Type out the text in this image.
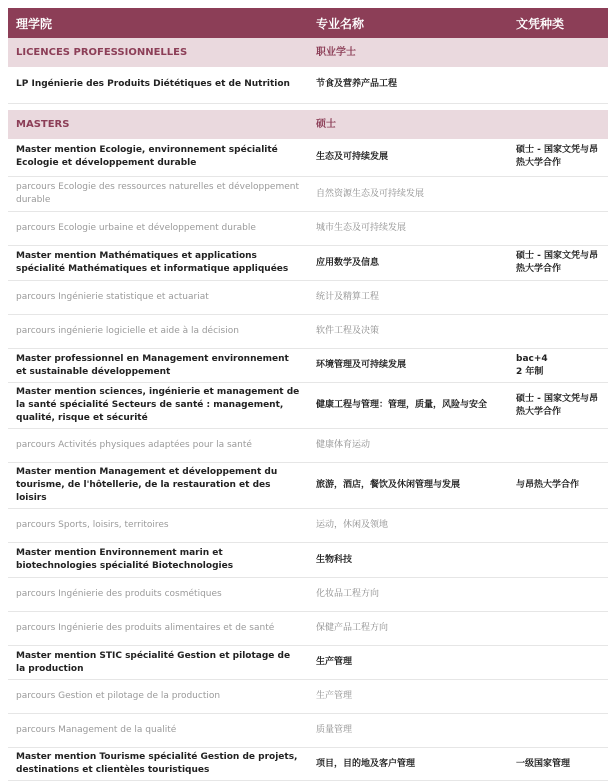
理学院	专业名称	文凭种类
LICENCES PROFESSIONNELLES	职业学士	
LP Ingénierie des Produits Diététiques et de Nutrition	节食及营养产品工程	

MASTERS	硕士	
Master mention Ecologie, environnement spécialité Ecologie et développement durable	生态及可持续发展	硕士 - 国家文凭与昂热大学合作
parcours Ecologie des ressources naturelles et développement durable	自然资源生态及可持续发展	
parcours Ecologie urbaine et développement durable	城市生态及可持续发展	
Master mention Mathématiques et applications spécialité Mathématiques et informatique appliquées	应用数学及信息	硕士 - 国家文凭与昂热大学合作
parcours Ingénierie statistique et actuariat	统计及精算工程	
parcours ingénierie logicielle et aide à la décision	软件工程及决策	
Master professionnel en Management environnement et sustainable développement	环境管理及可持续发展	bac+4
2 年制
Master mention sciences, ingénierie et management de la santé spécialité Secteurs de santé : management, qualité, risque et sécurité	健康工程与管理：管理，质量，风险与安全	硕士 - 国家文凭与昂热大学合作
parcours Activités physiques adaptées pour la santé	健康体育运动	
Master mention Management et développement du tourisme, de l'hôtellerie, de la restauration et des loisirs	旅游，酒店，餐饮及休闲管理与发展	与昂热大学合作
parcours Sports, loisirs, territoires	运动，休闲及领地	
Master mention Environnement marin et biotechnologies spécialité Biotechnologies	生物科技	
parcours Ingénierie des produits cosmétiques	化妆品工程方向	
parcours Ingénierie des produits alimentaires et de santé	保健产品工程方向	
Master mention STIC spécialité Gestion et pilotage de la production	生产管理	
parcours Gestion et pilotage de la production	生产管理	
parcours Management de la qualité	质量管理	
Master mention Tourisme spécialité Gestion de projets, destinations et clientèles touristiques	项目，目的地及客户管理	一级国家管理
